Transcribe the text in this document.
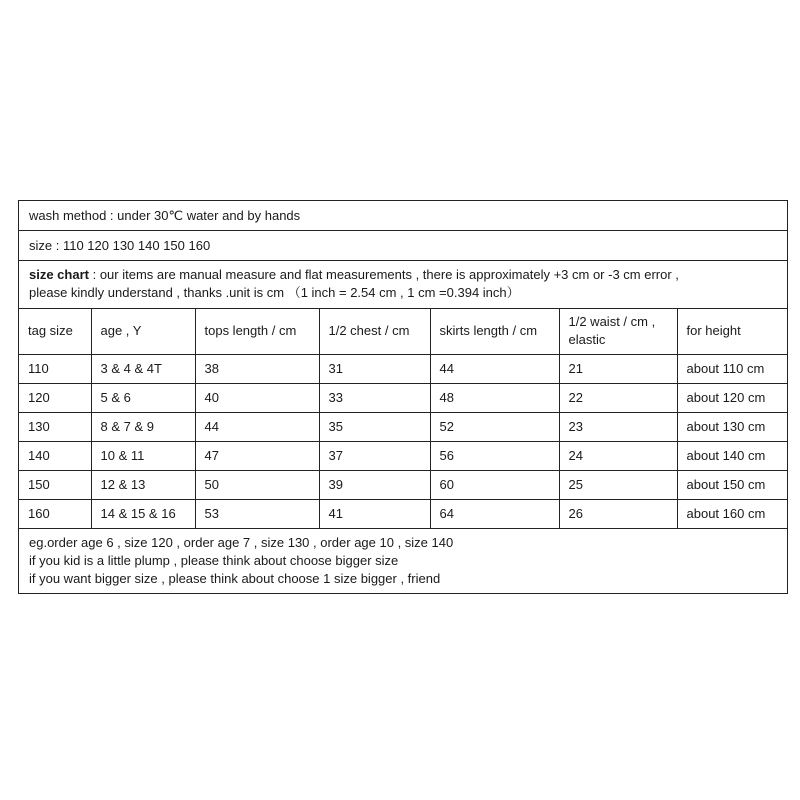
wash method : under 30℃ water and by hands
size : 110 120 130 140 150 160
size chart : our items are manual measure and flat measurements , there is approximately +3 cm or -3 cm error ,
please kindly understand , thanks .unit is cm （1 inch = 2.54 cm , 1 cm =0.394 inch）
tag size	age , Y	tops length / cm	1/2 chest / cm	skirts length / cm	1/2 waist / cm , elastic	for height
110	3 & 4 & 4T	38	31	44	21	about 110 cm
120	5 & 6	40	33	48	22	about 120 cm
130	8 & 7 & 9	44	35	52	23	about 130 cm
140	10 & 11	47	37	56	24	about 140 cm
150	12 & 13	50	39	60	25	about 150 cm
160	14 & 15 & 16	53	41	64	26	about 160 cm
eg.order age 6 , size 120 , order age 7 , size 130 , order age 10 , size 140
if you kid is a little plump , please think about choose bigger size
if you want bigger size , please think about choose 1 size bigger , friend
